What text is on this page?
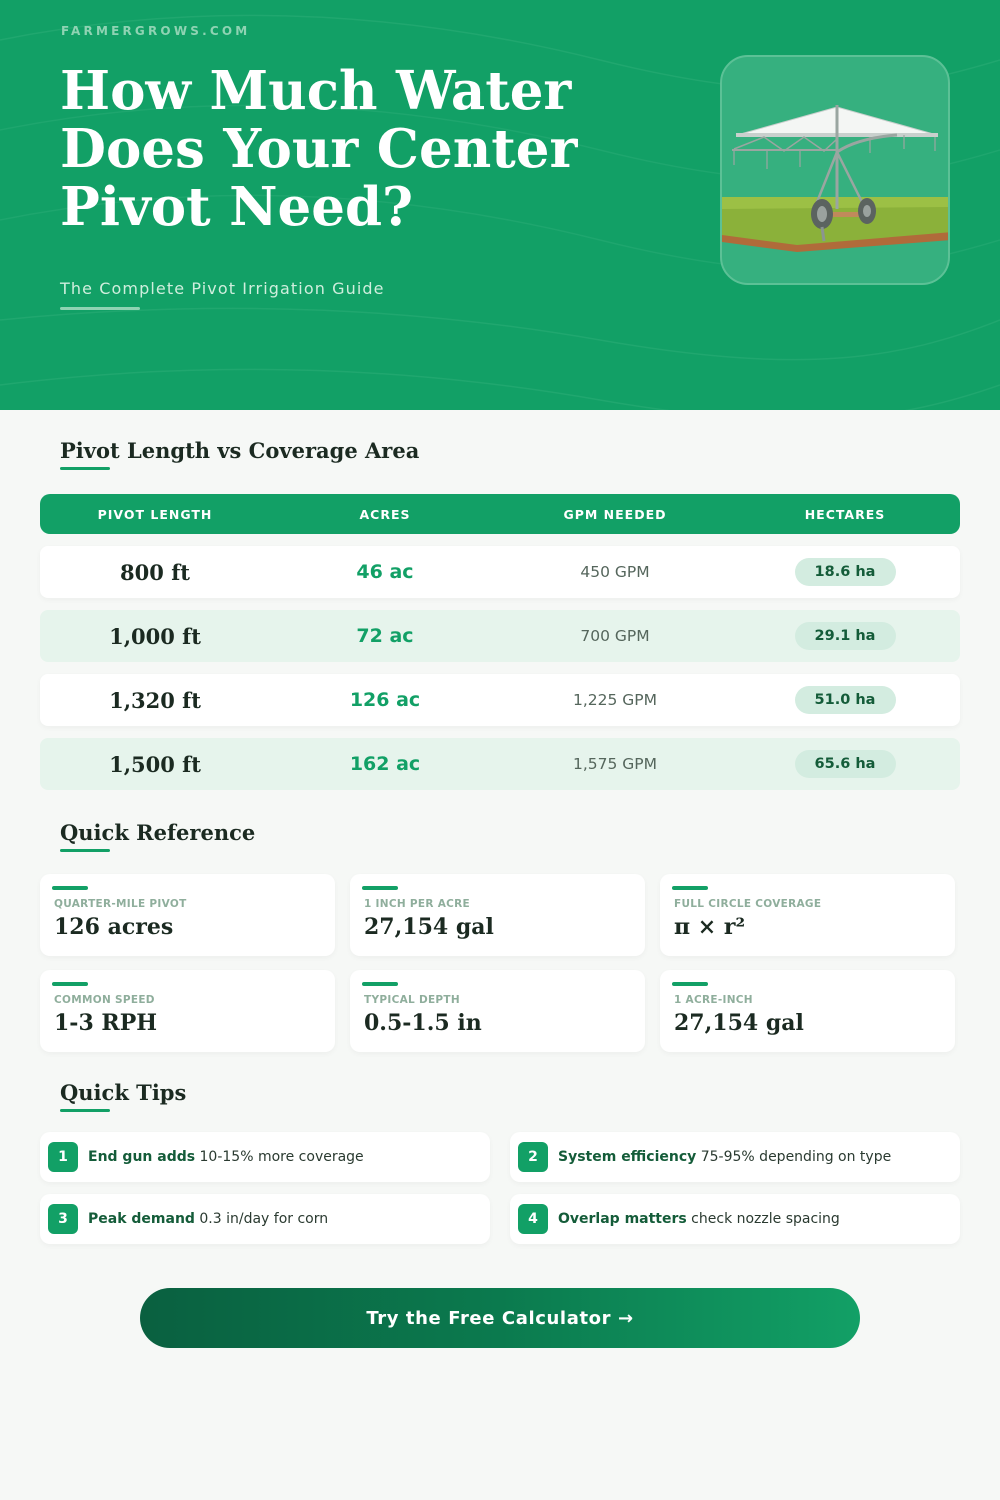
FARMERGROWS.COM
How Much Water Does Your Center Pivot Need?
The Complete Pivot Irrigation Guide
Pivot Length vs Coverage Area
PIVOT LENGTH	ACRES	GPM NEEDED	HECTARES
800 ft	46 ac	450 GPM	18.6 ha
1,000 ft	72 ac	700 GPM	29.1 ha
1,320 ft	126 ac	1,225 GPM	51.0 ha
1,500 ft	162 ac	1,575 GPM	65.6 ha
Quick Reference
QUARTER-MILE PIVOT
126 acres
1 INCH PER ACRE
27,154 gal
FULL CIRCLE COVERAGE
π × r²
COMMON SPEED
1-3 RPH
TYPICAL DEPTH
0.5-1.5 in
1 ACRE-INCH
27,154 gal
Quick Tips
1	End gun adds 10-15% more coverage	2	System efficiency 75-95% depending on type
3	Peak demand 0.3 in/day for corn	4	Overlap matters check nozzle spacing
Try the Free Calculator →
